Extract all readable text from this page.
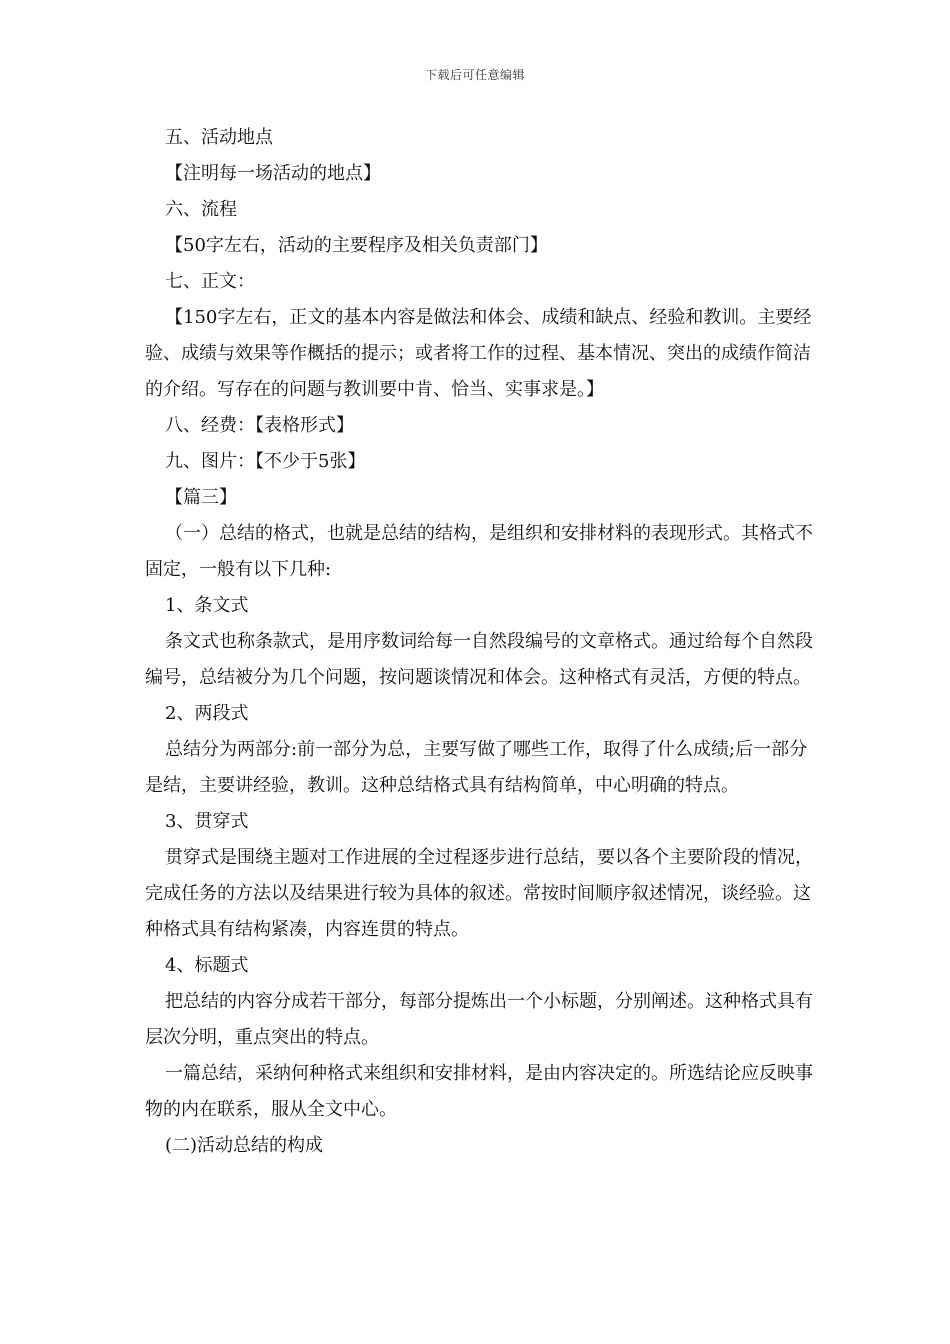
下载后可任意编辑

五、活动地点

【注明每一场活动的地点】

六、流程

【50字左右，活动的主要程序及相关负责部门】

七、正文：

【150字左右，正文的基本内容是做法和体会、成绩和缺点、经验和教训。主要经验、成绩与效果等作概括的提示；或者将工作的过程、基本情况、突出的成绩作简洁的介绍。写存在的问题与教训要中肯、恰当、实事求是。】

八、经费：【表格形式】

九、图片：【不少于5张】

【篇三】

（一）总结的格式，也就是总结的结构，是组织和安排材料的表现形式。其格式不固定，一般有以下几种:

1、条文式

条文式也称条款式，是用序数词给每一自然段编号的文章格式。通过给每个自然段编号，总结被分为几个问题，按问题谈情况和体会。这种格式有灵活，方便的特点。

2、两段式

总结分为两部分:前一部分为总，主要写做了哪些工作，取得了什么成绩;后一部分是结，主要讲经验，教训。这种总结格式具有结构简单，中心明确的特点。

3、贯穿式

贯穿式是围绕主题对工作进展的全过程逐步进行总结，要以各个主要阶段的情况，完成任务的方法以及结果进行较为具体的叙述。常按时间顺序叙述情况，谈经验。这种格式具有结构紧凑，内容连贯的特点。

4、标题式

把总结的内容分成若干部分，每部分提炼出一个小标题，分别阐述。这种格式具有层次分明，重点突出的特点。

一篇总结，采纳何种格式来组织和安排材料，是由内容决定的。所选结论应反映事物的内在联系，服从全文中心。

(二)活动总结的构成
